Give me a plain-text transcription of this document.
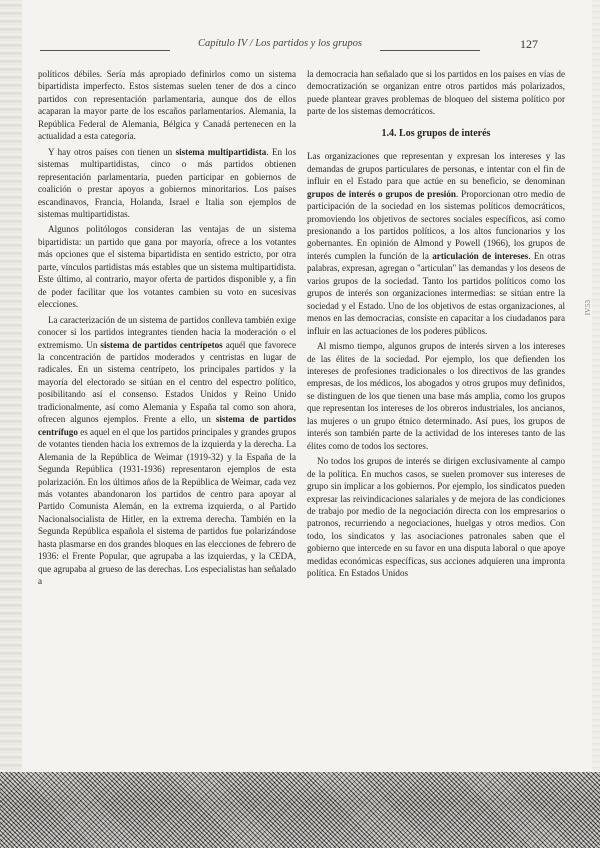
Capítulo IV / Los partidos y los grupos	127

políticos débiles. Sería más apropiado definirlos como un sistema bipartidista imperfecto. Estos sistemas suelen tener de dos a cinco partidos con representación parlamentaria, aunque dos de ellos acaparan la mayor parte de los escaños parlamentarios. Alemania, la República Federal de Alemania, Bélgica y Canadá pertenecen en la actualidad a esta categoría.

Y hay otros países con tienen un sistema multipartidista. En los sistemas multipartidistas, cinco o más partidos obtienen representación parlamentaria, pueden participar en gobiernos de coalición o prestar apoyos a gobiernos minoritarios. Los países escandinavos, Francia, Holanda, Israel e Italia son ejemplos de sistemas multipartidistas.

Algunos politólogos consideran las ventajas de un sistema bipartidista: un partido que gana por mayoría, ofrece a los votantes más opciones que el sistema bipartidista en sentido estricto, por otra parte, vínculos partidistas más estables que un sistema multipartidista. Este último, al contrario, mayor oferta de partidos disponible y, a fin de poder facilitar que los votantes cambien su voto en sucesivas elecciones.

La caracterización de un sistema de partidos conlleva también exige conocer si los partidos integrantes tienden hacia la moderación o el extremismo. Un sistema de partidos centrípetos aquél que favorece la concentración de partidos moderados y centristas en lugar de radicales. En un sistema centrípeto, los principales partidos y la mayoría del electorado se sitúan en el centro del espectro político, posibilitando así el consenso. Estados Unidos y Reino Unido tradicionalmente, así como Alemania y España tal como son ahora, ofrecen algunos ejemplos. Frente a ello, un sistema de partidos centrífugo es aquel en el que los partidos principales y grandes grupos de votantes tienden hacia los extremos de la izquierda y la derecha. La Alemania de la República de Weimar (1919-32) y la España de la Segunda República (1931-1936) representaron ejemplos de esta polarización. En los últimos años de la República de Weimar, cada vez más votantes abandonaron los partidos de centro para apoyar al Partido Comunista Alemán, en la extrema izquierda, o al Partido Nacionalsocialista de Hitler, en la extrema derecha. También en la Segunda República española el sistema de partidos fue polarizándose hasta plasmarse en dos grandes bloques en las elecciones de febrero de 1936: el Frente Popular, que agrupaba a las izquierdas, y la CEDA, que agrupaba al grueso de las derechas. Los especialistas han señalado a

la democracia han señalado que si los partidos en los países en vías de democratización se organizan entre otros partidos más polarizados, puede plantear graves problemas de bloqueo del sistema político por parte de los sistemas democráticos.

1.4. Los grupos de interés

Las organizaciones que representan y expresan los intereses y las demandas de grupos particulares de personas, e intentar con el fin de influir en el Estado para que actúe en su beneficio, se denominan grupos de interés o grupos de presión. Proporcionan otro medio de participación de la sociedad en los sistemas políticos democráticos, promoviendo los objetivos de sectores sociales específicos, así como presionando a los partidos políticos, a los altos funcionarios y los gobernantes. En opinión de Almond y Powell (1966), los grupos de interés cumplen la función de la articulación de intereses. En otras palabras, expresan, agregan o "articulan" las demandas y los deseos de varios grupos de la sociedad. Tanto los partidos políticos como los grupos de interés son organizaciones intermedias: se sitúan entre la sociedad y el Estado. Uno de los objetivos de estas organizaciones, al menos en las democracias, consiste en capacitar a los ciudadanos para influir en las actuaciones de los poderes públicos.

Al mismo tiempo, algunos grupos de interés sirven a los intereses de las élites de la sociedad. Por ejemplo, los que defienden los intereses de profesiones tradicionales o los directivos de las grandes empresas, de los médicos, los abogados y otros grupos muy definidos, se distinguen de los que tienen una base más amplia, como los grupos que representan los intereses de los obreros industriales, los ancianos, las mujeres o un grupo étnico determinado. Así pues, los grupos de interés son también parte de la actividad de los intereses tanto de las élites como de todos los sectores.

No todos los grupos de interés se dirigen exclusivamente al campo de la política. En muchos casos, se suelen promover sus intereses de grupo sin implicar a los gobiernos. Por ejemplo, los sindicatos pueden expresar las reivindicaciones salariales y de mejora de las condiciones de trabajo por medio de la negociación directa con los empresarios o patronos, recurriendo a negociaciones, huelgas y otros medios. Con todo, los sindicatos y las asociaciones patronales saben que el gobierno que intercede en su favor en una disputa laboral o que apoye medidas económicas específicas, sus acciones adquieren una impronta política. En Estados Unidos

IV.53
